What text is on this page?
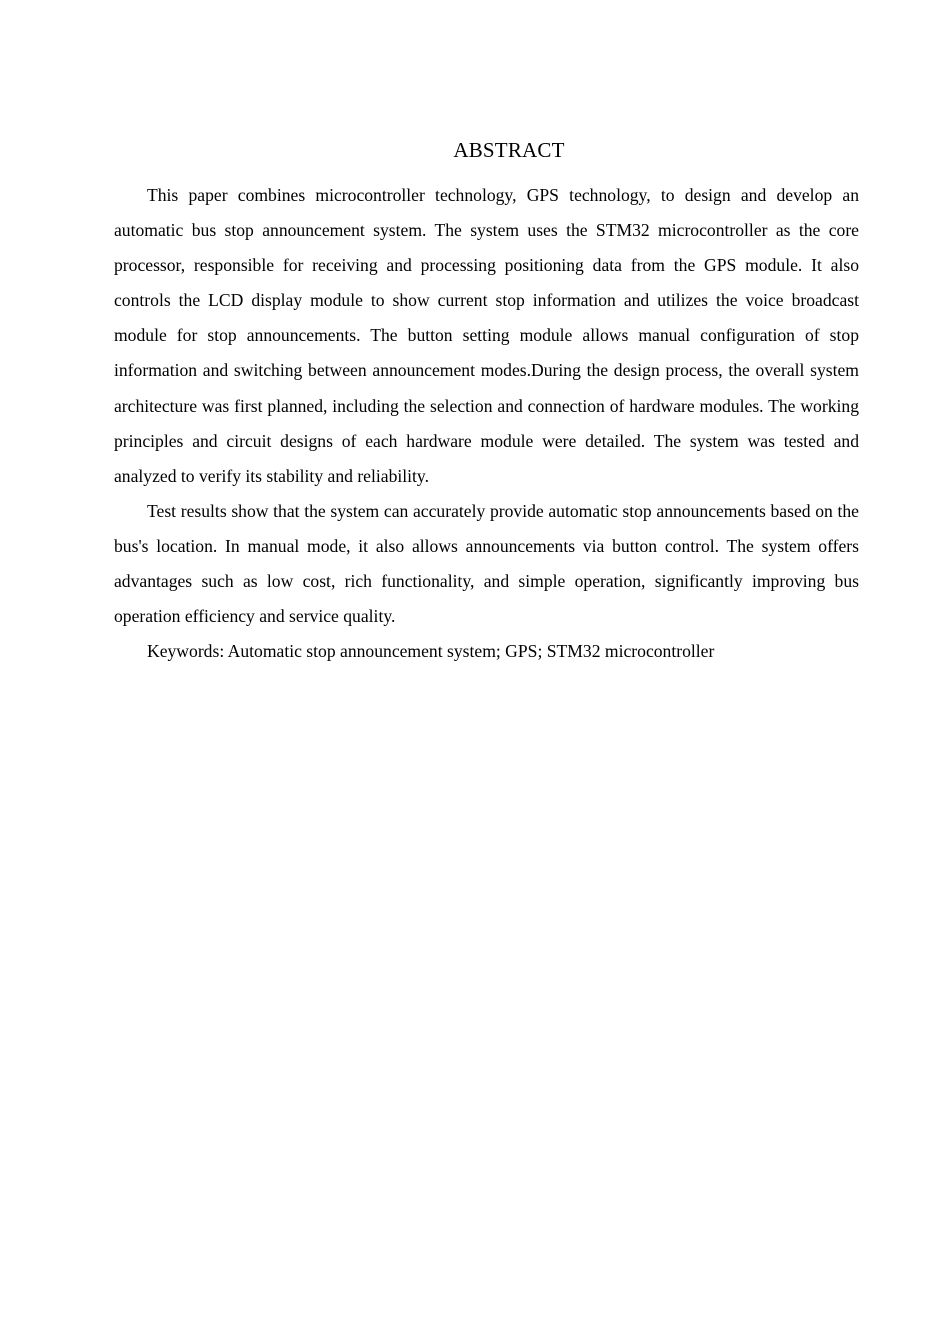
ABSTRACT

This paper combines microcontroller technology, GPS technology, to design and develop an automatic bus stop announcement system. The system uses the STM32 microcontroller as the core processor, responsible for receiving and processing positioning data from the GPS module. It also controls the LCD display module to show current stop information and utilizes the voice broadcast module for stop announcements. The button setting module allows manual configuration of stop information and switching between announcement modes.During the design process, the overall system architecture was first planned, including the selection and connection of hardware modules. The working principles and circuit designs of each hardware module were detailed. The system was tested and analyzed to verify its stability and reliability.

Test results show that the system can accurately provide automatic stop announcements based on the bus's location. In manual mode, it also allows announcements via button control. The system offers advantages such as low cost, rich functionality, and simple operation, significantly improving bus operation efficiency and service quality.

Keywords: Automatic stop announcement system; GPS; STM32 microcontroller
